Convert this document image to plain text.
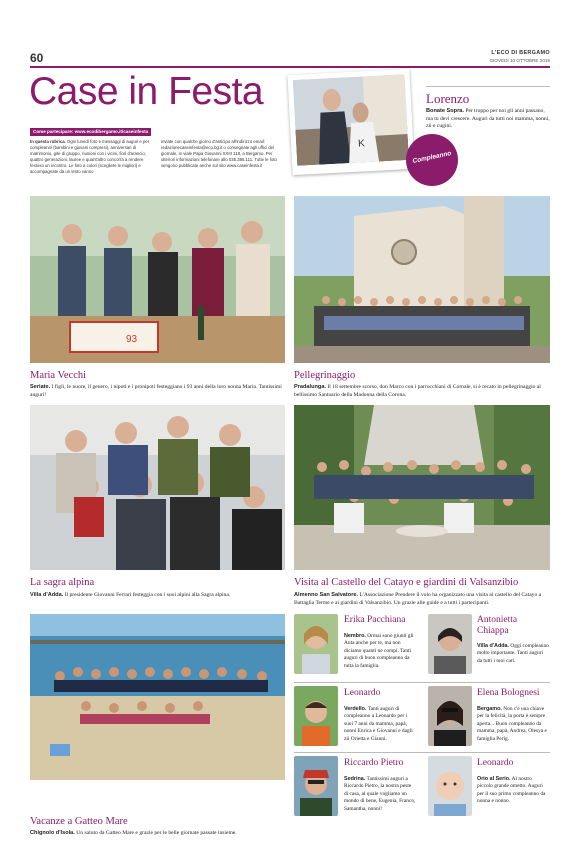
60	L'ECO DI BERGAMO
GIOVEDÌ 10 OTTOBRE 2019
Case in Festa
Come partecipare: www.ecodibergamo.it/caseinfesta
In questa rubrica. Ogni lunedì foto e messaggi di auguri e per compleanni (bambini e giovani compresi), anniversari di matrimonio, gite di gruppo, riunioni con i vicini, fiori d'arancio, quattro generazioni, lauree e quant'altro concorra a rendere festoso un incontro. Le foto a colori (scegliete le migliori) e accompagnate da un testo vanno
inviate con qualche giorno d'anticipo all'indirizzo email: redazionecaseinfesta@eco.bg.it o consegnate agli uffici del giornale, in viale Papa Giovanni XXIII 118, a Bergamo. Per ulteriori informazioni telefonare allo 035.386.111. Tutte le foto vengono pubblicate anche sul sito www.caseinfesta.it
K
Compleanno
Lorenzo
Bonate Sopra. Per troppo per noi gli anni passano, ma tu devi crescere. Auguri da tutti noi mamma, nonni, zii e cugini.
93
Maria Vecchi
Seriate. I figli, le nuore, il genero, i nipoti e i pronipoti festeggiano i 93 anni della loro nonna Maria. Tantissimi auguri!
Pellegrinaggio
Pradalunga. Il 18 settembre scorso, don Marco con i parrocchiani di Cornale, si è recato in pellegrinaggio al bellissimo Santuario della Madonna della Corona.
La sagra alpina
Villa d'Adda. Il presidente Giovanni Ferrari festeggia con i suoi alpini alla Sagra alpina.
Visita al Castello del Catayo e giardini di Valsanzibio
Almenno San Salvatore. L'Associazione Prendere il volo ha organizzato una visita al castello del Catayo a Battaglia Terme e ai giardini di Valsanzibio. Un grazie alle guide e a tutti i partecipanti.
Vacanze a Gatteo Mare
Chignolo d'Isola. Un saluto da Gatteo Mare e grazie per le belle giornate passate insieme.
Erika Pacchiana
Nembro. Ormai sono giunti gli Anta anche per te, ma non diciamo quanti ne compi. Tanti auguri di buon compleanno da tutta la famiglia.
Antonietta Chiappa
Villa d'Adda. Oggi compleanno molto importante. Tanti auguri da tutti i tuoi cari.
Leonardo
Verdello. Tanti auguri di compleanno a Leonardo per i suoi 7 anni da mamma, papà, nonni Enrica e Giovanni e dagli zii Orietta e Gianni.
Elena Bolognesi
Bergamo. Non c'è una chiave per la felicità, la porta è sempre aperta... Buon compleanno da mamma, papà, Andrea, Olesya e famiglia Perig.
Riccardo Pietro
Sedrina. Tantissimi auguri a Riccardo Pietro, la nostra peste di casa, al quale vogliamo un mondo di bene, Eugenia, Franco, Samantha, nonni!
Leonardo
Orio al Serio. Al nostro piccolo grande ometto. Auguri per il suo primo compleanno da nonna e nonno.
